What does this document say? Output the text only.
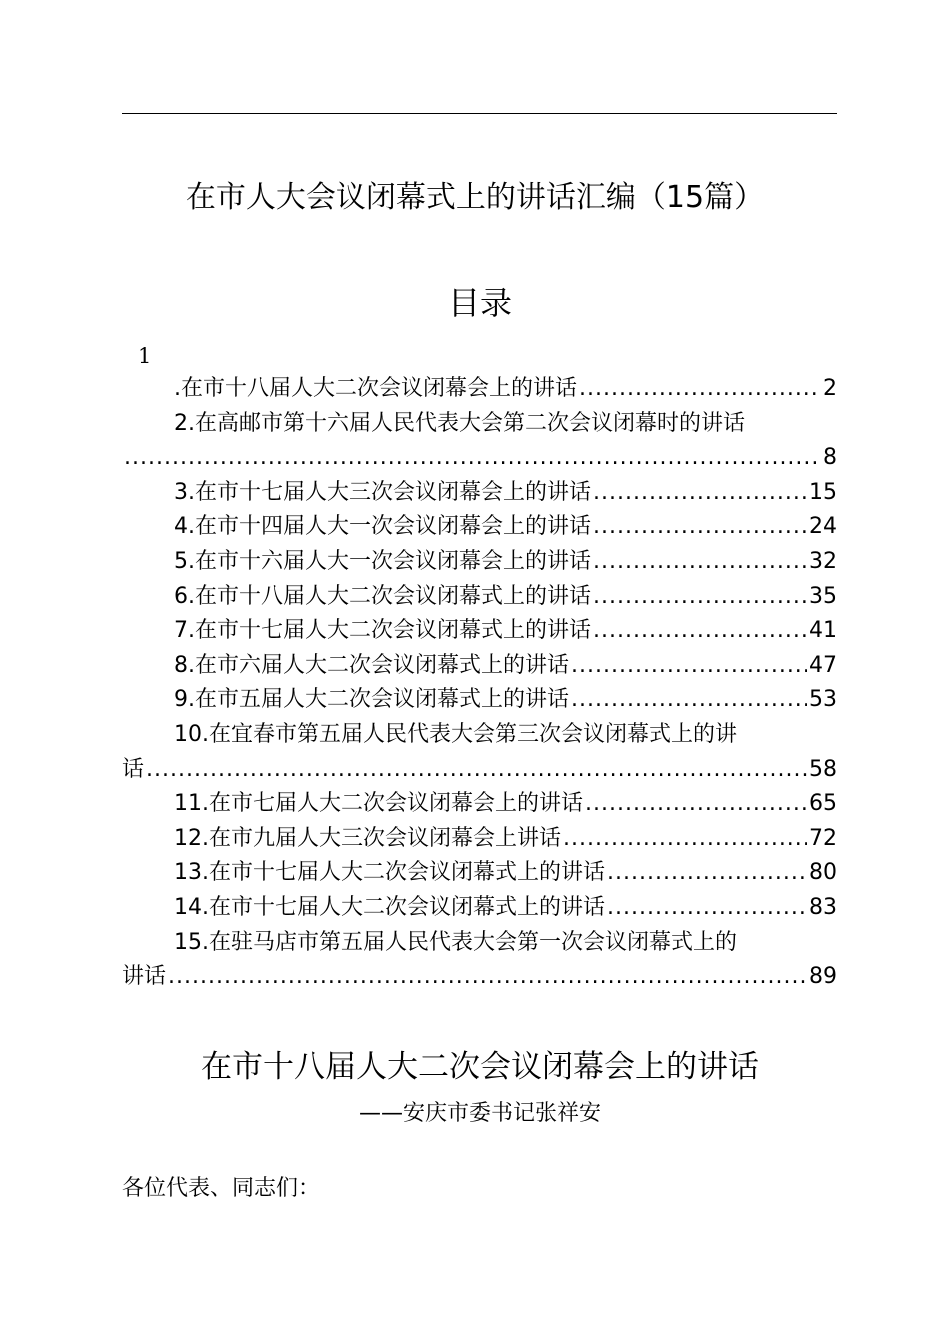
在市人大会议闭幕式上的讲话汇编（15篇）
目录
1
.在市十八届人大二次会议闭幕会上的讲话 .....	2
2.在高邮市第十六届人民代表大会第二次会议闭幕时的讲话
.....
8
3.在市十七届人大三次会议闭幕会上的讲话 .....	15
4.在市十四届人大一次会议闭幕会上的讲话 .....	24
5.在市十六届人大一次会议闭幕会上的讲话 .....	32
6.在市十八届人大二次会议闭幕式上的讲话 .....	35
7.在市十七届人大二次会议闭幕式上的讲话 .....	41
8.在市六届人大二次会议闭幕式上的讲话 .....	47
9.在市五届人大二次会议闭幕式上的讲话 .....	53
10.在宜春市第五届人民代表大会第三次会议闭幕式上的讲
话 .....	58
11.在市七届人大二次会议闭幕会上的讲话 .....	65
12.在市九届人大三次会议闭幕会上讲话 .....	72
13.在市十七届人大二次会议闭幕式上的讲话 .....	80
14.在市十七届人大二次会议闭幕式上的讲话 .....	83
15.在驻马店市第五届人民代表大会第一次会议闭幕式上的
讲话 .....	89
在市十八届人大二次会议闭幕会上的讲话
——安庆市委书记张祥安
各位代表、同志们：
